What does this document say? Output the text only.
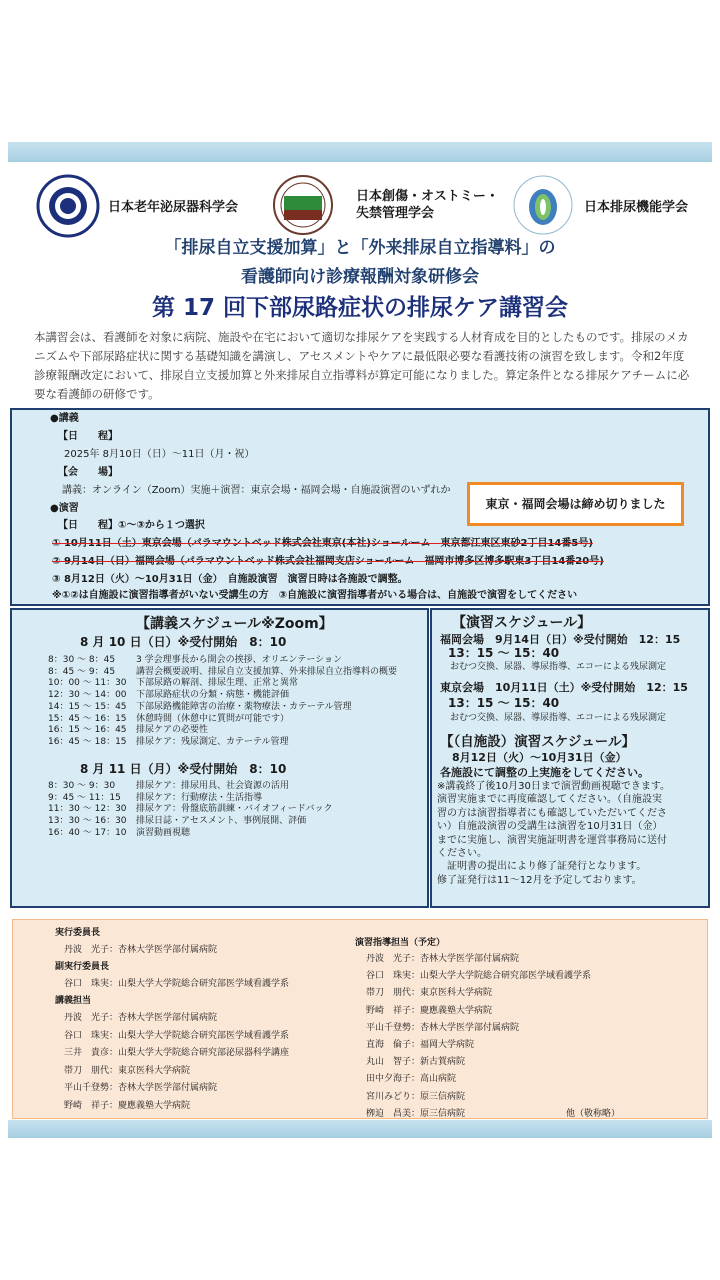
日本老年泌尿器科学会
日本創傷・オストミー・
失禁管理学会	日本排尿機能学会
「排尿自立支援加算」と「外来排尿自立指導料」の
看護師向け診療報酬対象研修会
第 17 回下部尿路症状の排尿ケア講習会
本講習会は、看護師を対象に病院、施設や在宅において適切な排尿ケアを実践する人材育成を目的としたものです。排尿のメカニズムや下部尿路症状に関する基礎知識を講演し、アセスメントやケアに最低限必要な看護技術の演習を致します。令和2年度診療報酬改定において、排尿自立支援加算と外来排尿自立指導料が算定可能になりました。算定条件となる排尿ケアチームに必要な看護師の研修です。
●講義
【日　　程】
2025年 8月10日（日）～11日（月・祝）
【会　　場】
講義：オンライン（Zoom）実施＋演習：東京会場・福岡会場・自施設演習のいずれか
●演習
【日　　程】①～③から１つ選択
① 10月11日（土）東京会場（パラマウントベッド株式会社東京(本社)ショールーム　東京都江東区東砂2丁目14番5号)
② 9月14日（日）福岡会場（パラマウントベッド株式会社福岡支店ショールーム　福岡市博多区博多駅東3丁目14番20号)
③ 8月12日（火）～10月31日（金）　自施設演習　演習日時は各施設で調整。
※①②は自施設に演習指導者がいない受講生の方　③自施設に演習指導者がいる場合は、自施設で演習をしてください
東京・福岡会場は締め切りました
【講義スケジュール※Zoom】
8 月 10 日（日）※受付開始　8：10
8：30 ～ 8：45 3 学会理事長から開会の挨拶、オリエンテーション
8：45 ～ 9：45 講習会概要説明、排尿自立支援加算、外来排尿自立指導料の概要
10：00 ～ 11：30 下部尿路の解剖、排尿生理、正常と異常
12：30 ～ 14：00 下部尿路症状の分類・病態・機能評価
14：15 ～ 15：45 下部尿路機能障害の治療・薬物療法・カテーテル管理
15：45 ～ 16：15 休憩時間（休憩中に質問が可能です）
16：15 ～ 16：45 排尿ケアの必要性
16：45 ～ 18：15 排尿ケア：残尿測定、カテーテル管理
8 月 11 日（月）※受付開始　8：10
8：30 ～ 9：30 排尿ケア：排尿用具、社会資源の活用
9：45 ～ 11：15 排尿ケア：行動療法・生活指導
11：30 ～ 12：30 排尿ケア：骨盤底筋訓練・バイオフィードバック
13：30 ～ 16：30 排尿日誌・アセスメント、事例展開、評価
16：40 ～ 17：10 演習動画視聴
【演習スケジュール】
福岡会場　9月14日（日）※受付開始　12：15
13：15 ～ 15：40
おむつ交換、尿器、導尿指導、エコーによる残尿測定
東京会場　10月11日（土）※受付開始　12：15
13：15 ～ 15：40
おむつ交換、尿器、導尿指導、エコーによる残尿測定
【（自施設）演習スケジュール】
8月12日（火）～10月31日（金）
各施設にて調整の上実施をしてください。
※講義終了後10月30日まで演習動画視聴できます。
演習実施までに再度確認してください。（自施設実
習の方は演習指導者にも確認していただいてくださ
い）自施設演習の受講生は演習を10月31日（金）
までに実施し、演習実施証明書を運営事務局に送付
ください。
　証明書の提出により修了証発行となります。
修了証発行は11～12月を予定しております。
実行委員長
丹波　光子：杏林大学医学部付属病院
副実行委員長
谷口　珠実：山梨大学大学院総合研究部医学域看護学系
講義担当
丹波　光子：杏林大学医学部付属病院
谷口　珠実：山梨大学大学院総合研究部医学域看護学系
三井　貴彦：山梨大学大学院総合研究部泌尿器科学講座
帯刀　朋代：東京医科大学病院
平山千登勢：杏林大学医学部付属病院
野崎　祥子：慶應義塾大学病院
演習指導担当（予定）
丹波　光子：杏林大学医学部付属病院
谷口　珠実：山梨大学大学院総合研究部医学域看護学系
帯刀　朋代：東京医科大学病院
野崎　祥子：慶應義塾大学病院
平山千登勢：杏林大学医学部付属病院
直海　倫子：福岡大学病院
丸山　智子：新古賀病院
田中夕海子：高山病院
宮川みどり：原三信病院
栁迫　昌美：原三信病院	他（敬称略）
